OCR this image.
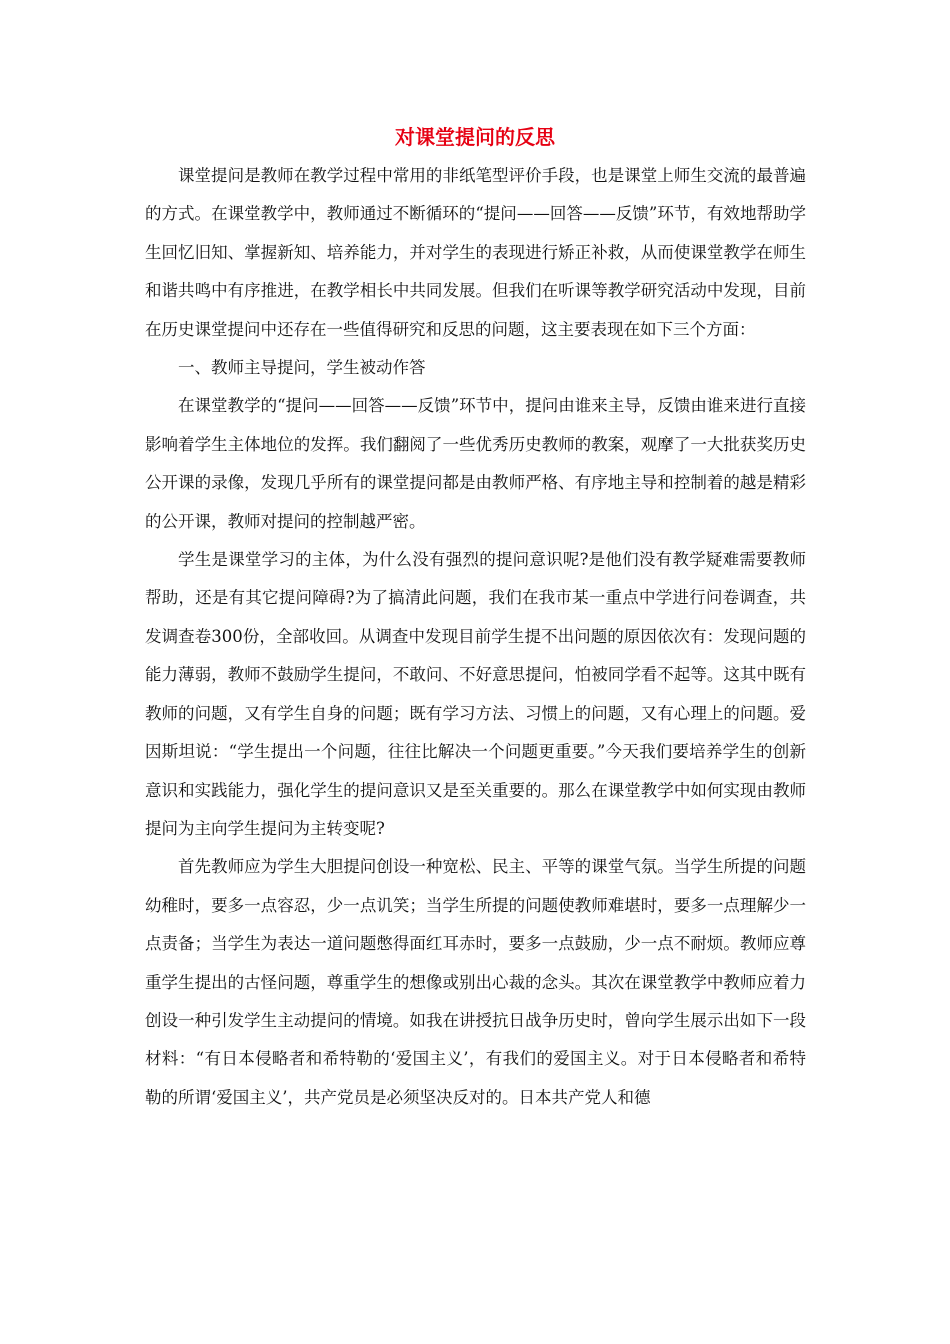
对课堂提问的反思

课堂提问是教师在教学过程中常用的非纸笔型评价手段，也是课堂上师生交流的最普遍的方式。在课堂教学中，教师通过不断循环的“提问——回答——反馈”环节，有效地帮助学生回忆旧知、掌握新知、培养能力，并对学生的表现进行矫正补救，从而使课堂教学在师生和谐共鸣中有序推进，在教学相长中共同发展。但我们在听课等教学研究活动中发现，目前在历史课堂提问中还存在一些值得研究和反思的问题，这主要表现在如下三个方面：

一、教师主导提问，学生被动作答

在课堂教学的“提问——回答——反馈”环节中，提问由谁来主导，反馈由谁来进行直接影响着学生主体地位的发挥。我们翻阅了一些优秀历史教师的教案，观摩了一大批获奖历史公开课的录像，发现几乎所有的课堂提问都是由教师严格、有序地主导和控制着的越是精彩的公开课，教师对提问的控制越严密。

学生是课堂学习的主体，为什么没有强烈的提问意识呢?是他们没有教学疑难需要教师帮助，还是有其它提问障碍?为了搞清此问题，我们在我市某一重点中学进行问卷调查，共发调查卷300份，全部收回。从调查中发现目前学生提不出问题的原因依次有：发现问题的能力薄弱，教师不鼓励学生提问，不敢问、不好意思提问，怕被同学看不起等。这其中既有教师的问题，又有学生自身的问题；既有学习方法、习惯上的问题，又有心理上的问题。爱因斯坦说：“学生提出一个问题，往往比解决一个问题更重要。”今天我们要培养学生的创新意识和实践能力，强化学生的提问意识又是至关重要的。那么在课堂教学中如何实现由教师提问为主向学生提问为主转变呢?

首先教师应为学生大胆提问创设一种宽松、民主、平等的课堂气氛。当学生所提的问题幼稚时，要多一点容忍，少一点讥笑；当学生所提的问题使教师难堪时，要多一点理解少一点责备；当学生为表达一道问题憋得面红耳赤时，要多一点鼓励，少一点不耐烦。教师应尊重学生提出的古怪问题，尊重学生的想像或别出心裁的念头。其次在课堂教学中教师应着力创设一种引发学生主动提问的情境。如我在讲授抗日战争历史时，曾向学生展示出如下一段材料：“有日本侵略者和希特勒的‘爱国主义’，有我们的爱国主义。对于日本侵略者和希特勒的所谓‘爱国主义’，共产党员是必须坚决反对的。日本共产党人和德
